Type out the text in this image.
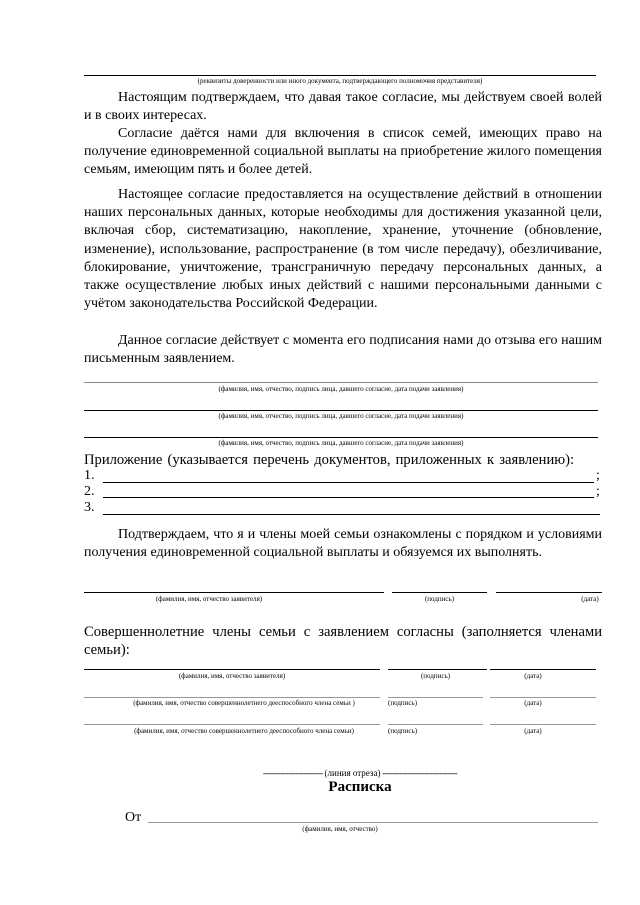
(реквизиты доверенности или иного документа, подтверждающего полномочия представителя)
Настоящим подтверждаем, что давая такое согласие, мы действуем своей волей и в своих интересах.
Согласие даётся нами для включения в список семей, имеющих право на получение единовременной социальной выплаты на приобретение жилого помещения семьям, имеющим пять и более детей.
Настоящее согласие предоставляется на осуществление действий в отношении наших персональных данных, которые необходимы для достижения указанной цели, включая сбор, систематизацию, накопление, хранение, уточнение (обновление, изменение), использование, распространение (в том числе передачу), обезличивание, блокирование, уничтожение, трансграничную передачу персональных данных, а также осуществление любых иных действий с нашими персональными данными с учётом законодательства Российской Федерации.
Данное согласие действует с момента его подписания нами до отзыва его нашим письменным заявлением.
(фамилия, имя, отчество, подпись лица, давшего согласие, дата подачи заявления)
(фамилия, имя, отчество, подпись лица, давшего согласие, дата подачи заявления)
(фамилия, имя, отчество, подпись лица, давшего согласие, дата подачи заявления)
Приложение (указывается перечень документов, приложенных к заявлению):
1.	;
2.	;
3.
Подтверждаем, что я и члены моей семьи ознакомлены с порядком и условиями получения единовременной социальной выплаты и обязуемся их выполнять.
(фамилия, имя, отчество заявителя)	(подпись)	(дата)
Совершеннолетние члены семьи с заявлением согласны (заполняется членами семьи):
(фамилия, имя, отчество заявителя)	(подпись)	(дата)
(фамилия, имя, отчество совершеннолетнего дееспособного члена семьи )	(подпись)	(дата)
(фамилия, имя, отчество совершеннолетнего дееспособного члена семьи)	(подпись)	(дата)
------------------------ (линия отреза) ------------------------------
Расписка
От
(фамилия, имя, отчество)
